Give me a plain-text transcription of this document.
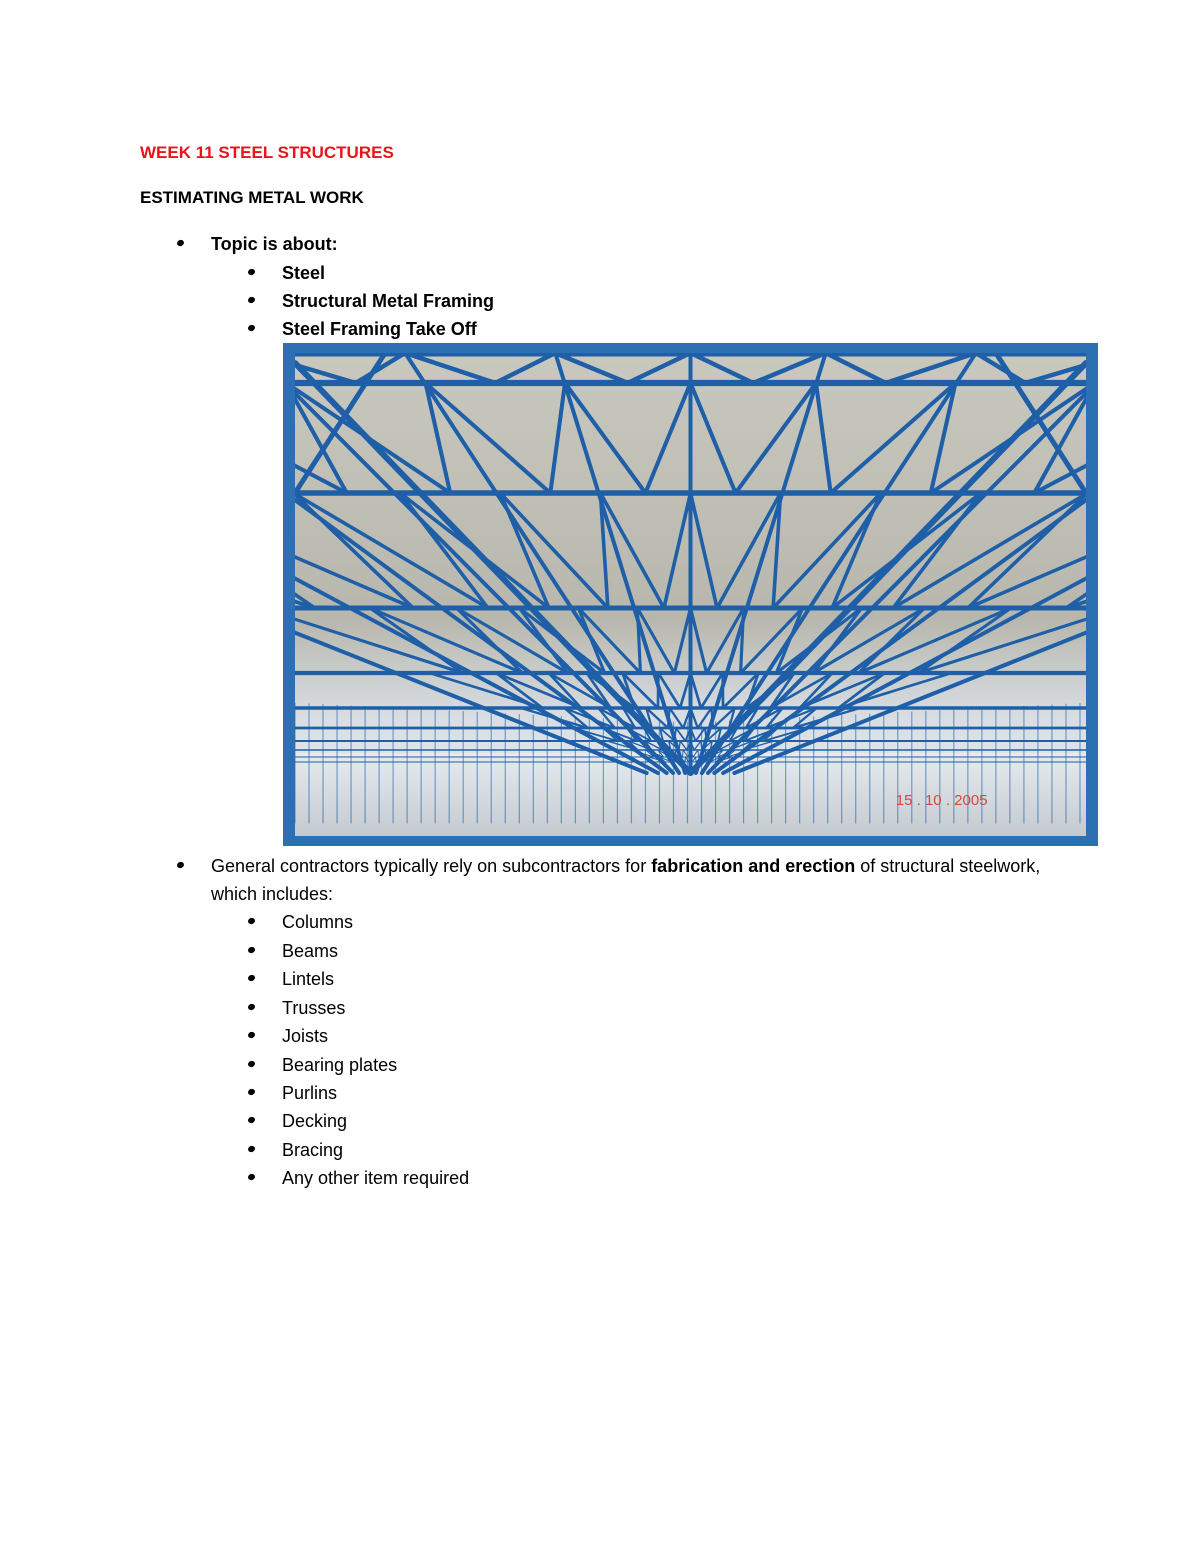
WEEK 11 STEEL STRUCTURES
ESTIMATING METAL WORK
Topic is about:
Steel
Structural Metal Framing
Steel Framing Take Off
15 . 10 . 2005
General contractors typically rely on subcontractors for fabrication and erection of structural steelwork, which includes:
Columns
Beams
Lintels
Trusses
Joists
Bearing plates
Purlins
Decking
Bracing
Any other item required
